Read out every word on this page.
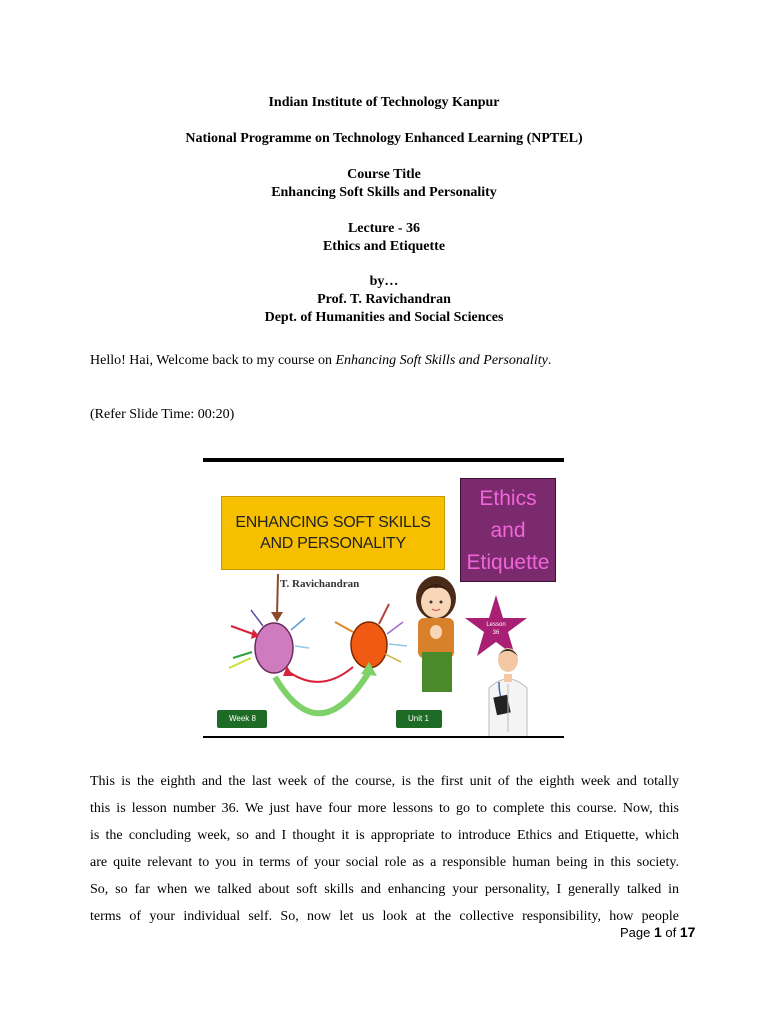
Indian Institute of Technology Kanpur
National Programme on Technology Enhanced Learning (NPTEL)
Course Title
Enhancing Soft Skills and Personality
Lecture - 36
Ethics and Etiquette
by…
Prof. T. Ravichandran
Dept. of Humanities and Social Sciences
Hello! Hai, Welcome back to my course on Enhancing Soft Skills and Personality.
(Refer Slide Time: 00:20)
ENHANCING SOFT SKILLS
AND PERSONALITY
Ethics
and
Etiquette
T. Ravichandran
Lesson
36
Week 8	Unit 1
This is the eighth and the last week of the course, is the first unit of the eighth week and totally
this is lesson number 36. We just have four more lessons to go to complete this course. Now, this
is the concluding week, so and I thought it is appropriate to introduce Ethics and Etiquette, which
are quite relevant to you in terms of your social role as a responsible human being in this society.
So, so far when we talked about soft skills and enhancing your personality, I generally talked in
terms of your individual self. So, now let us look at the collective responsibility, how people
Page 1 of 17
